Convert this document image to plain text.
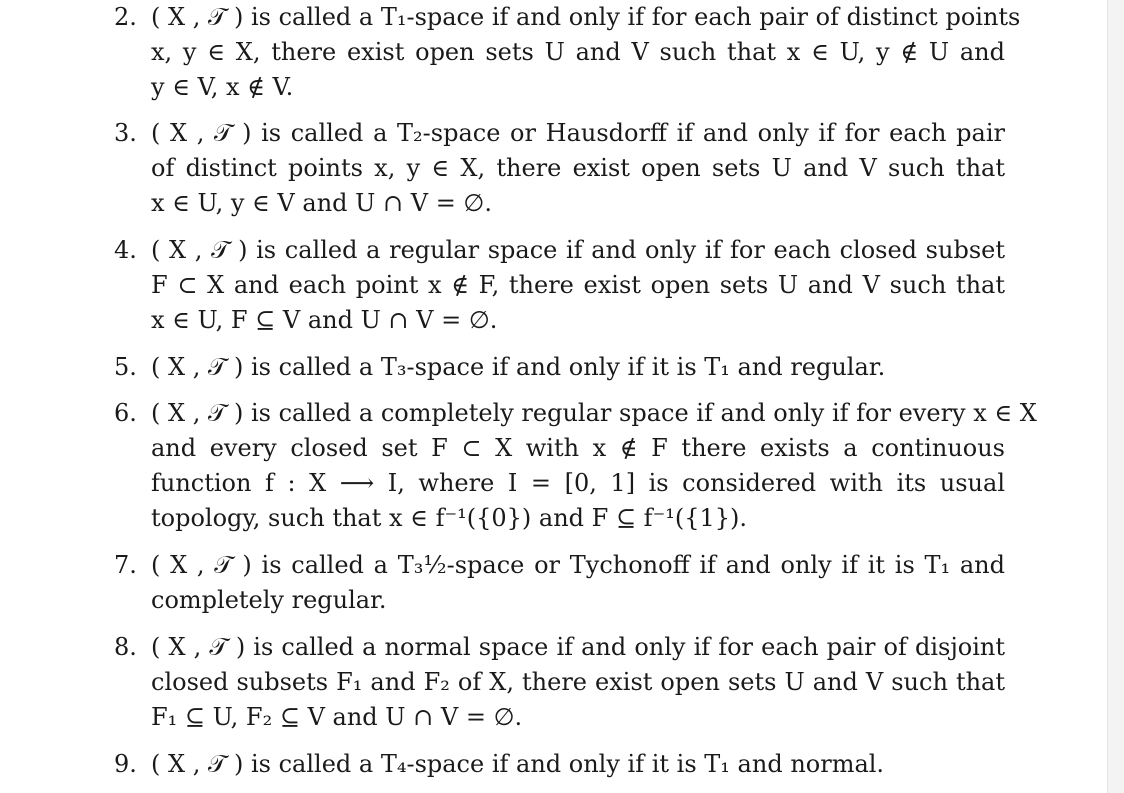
2. ( X , 𝒯 ) is called a T₁-space if and only if for each pair of distinct points
x, y ∈ X, there exist open sets U and V such that x ∈ U, y ∉ U and
y ∈ V, x ∉ V.
3. ( X , 𝒯 ) is called a T₂-space or Hausdorff if and only if for each pair
of distinct points x, y ∈ X, there exist open sets U and V such that
x ∈ U, y ∈ V and U ∩ V = ∅.
4. ( X , 𝒯 ) is called a regular space if and only if for each closed subset
F ⊂ X and each point x ∉ F, there exist open sets U and V such that
x ∈ U, F ⊆ V and U ∩ V = ∅.
5. ( X , 𝒯 ) is called a T₃-space if and only if it is T₁ and regular.
6. ( X , 𝒯 ) is called a completely regular space if and only if for every x ∈ X
and every closed set F ⊂ X with x ∉ F there exists a continuous
function f : X ⟶ I, where I = [0, 1] is considered with its usual
topology, such that x ∈ f⁻¹({0}) and F ⊆ f⁻¹({1}).
7. ( X , 𝒯 ) is called a T₃½-space or Tychonoff if and only if it is T₁ and
completely regular.
8. ( X , 𝒯 ) is called a normal space if and only if for each pair of disjoint
closed subsets F₁ and F₂ of X, there exist open sets U and V such that
F₁ ⊆ U, F₂ ⊆ V and U ∩ V = ∅.
9. ( X , 𝒯 ) is called a T₄-space if and only if it is T₁ and normal.
